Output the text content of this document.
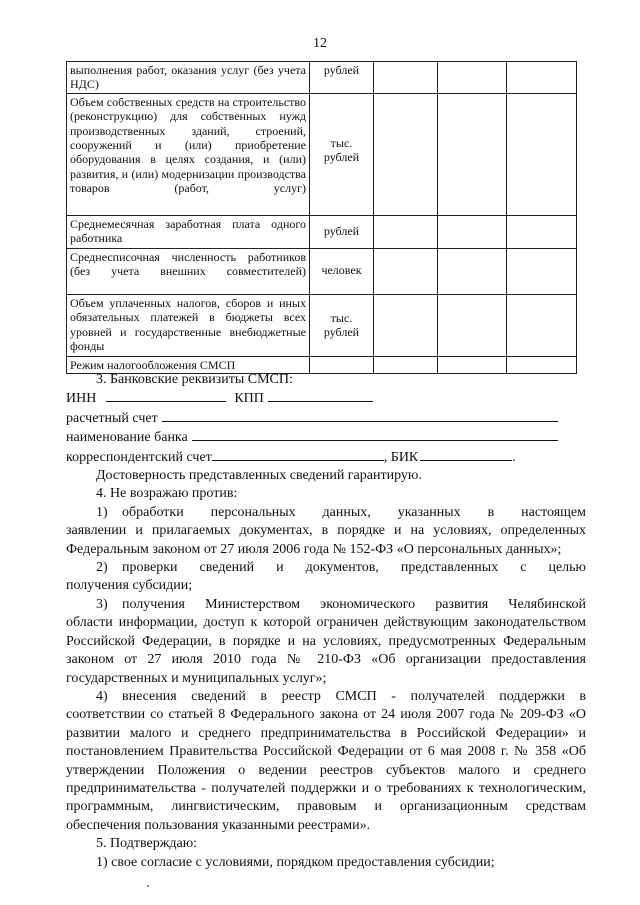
12
выполнения работ, оказания услуг (без учета НДС)	рублей			
Объем собственных средств на строительство (реконструкцию) для собственных нужд производственных зданий, строений, сооружений и (или) приобретение оборудования в целях создания, и (или) развития, и (или) модернизации производства товаров (работ, услуг)	тыс. рублей			
Среднемесячная заработная плата одного работника	рублей			
Среднесписочная численность работников (без учета внешних совместителей)	человек			
Объем уплаченных налогов, сборов и иных обязательных платежей в бюджеты всех уровней и государственные внебюджетные фонды	тыс. рублей			
Режим налогообложения СМСП				

3. Банковские реквизиты СМСП:

ИНН	КПП
расчетный счет
наименование банка
корреспондентский счет	, БИК	.

Достоверность представленных сведений гарантирую.

4. Не возражаю против:

1)	обработки персональных данных, указанных в настоящем

заявлении и прилагаемых документах, в порядке и на условиях, определенных Федеральным законом от 27 июля 2006 года № 152-ФЗ «О персональных данных»;

2)	проверки сведений и документов, представленных с целью

получения субсидии;

3)	получения Министерством экономического развития Челябинской

области информации, доступ к которой ограничен действующим законодательством Российской Федерации, в порядке и на условиях, предусмотренных Федеральным законом от 27 июля 2010 года № 210-ФЗ «Об организации предоставления государственных и муниципальных услуг»;

4)	внесения сведений в реестр СМСП - получателей поддержки в

соответствии со статьей 8 Федерального закона от 24 июля 2007 года № 209-ФЗ «О развитии малого и среднего предпринимательства в Российской Федерации» и постановлением Правительства Российской Федерации от 6 мая 2008 г. № 358 «Об утверждении Положения о ведении реестров субъектов малого и среднего предпринимательства - получателей поддержки и о требованиях к технологическим, программным, лингвистическим, правовым и организационным средствам обеспечения пользования указанными реестрами».

5. Подтверждаю:

1) свое согласие с условиями, порядком предоставления субсидии;
